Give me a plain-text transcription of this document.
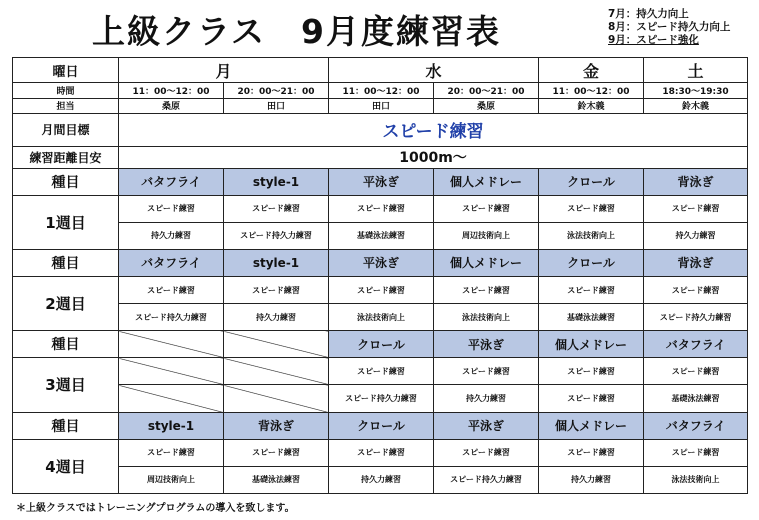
上級クラス　9月度練習表	7月：持久力向上
8月：スピード持久力向上
9月：スピード強化
曜日	月		水		金	土
時間	11：00～12：00	20：00～21：00	11：00～12：00	20：00～21：00	11：00～12：00	18:30～19:30
担当	桑原	田口	田口	桑原	鈴木義	鈴木義
月間目標	スピード練習					
練習距離目安	1000m～					
種目	バタフライ	style-1	平泳ぎ	個人メドレー	クロール	背泳ぎ
1週目	スピード練習	スピード練習	スピード練習	スピード練習	スピード練習	スピード練習
	持久力練習	スピード持久力練習	基礎泳法練習	周辺技術向上	泳法技術向上	持久力練習
種目	バタフライ	style-1	平泳ぎ	個人メドレー	クロール	背泳ぎ
2週目	スピード練習	スピード練習	スピード練習	スピード練習	スピード練習	スピード練習
	スピード持久力練習	持久力練習	泳法技術向上	泳法技術向上	基礎泳法練習	スピード持久力練習
種目			クロール	平泳ぎ	個人メドレー	バタフライ
3週目			スピード練習	スピード練習	スピード練習	スピード練習
			スピード持久力練習	持久力練習	スピード練習	基礎泳法練習
種目	style-1	背泳ぎ	クロール	平泳ぎ	個人メドレー	バタフライ
4週目	スピード練習	スピード練習	スピード練習	スピード練習	スピード練習	スピード練習
	周辺技術向上	基礎泳法練習	持久力練習	スピード持久力練習	持久力練習	泳法技術向上
＊上級クラスではトレーニングプログラムの導入を致します。
